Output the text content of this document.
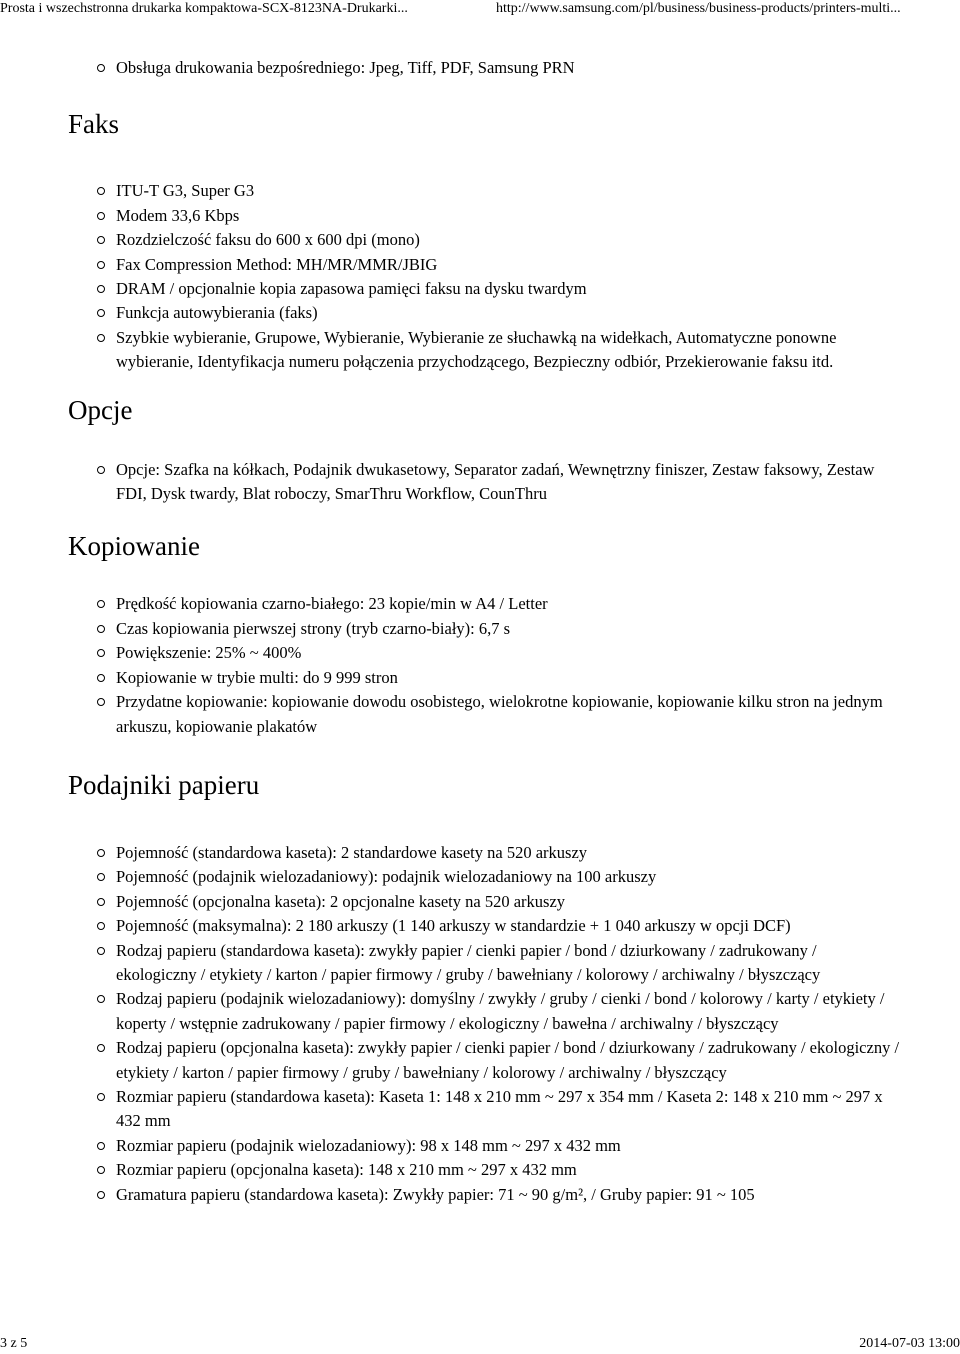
Prosta i wszechstronna drukarka kompaktowa-SCX-8123NA-Drukarki...	http://www.samsung.com/pl/business/business-products/printers-multi...
Obsługa drukowania bezpośredniego: Jpeg, Tiff, PDF, Samsung PRN
Faks
ITU-T G3, Super G3
Modem 33,6 Kbps
Rozdzielczość faksu do 600 x 600 dpi (mono)
Fax Compression Method: MH/MR/MMR/JBIG
DRAM / opcjonalnie kopia zapasowa pamięci faksu na dysku twardym
Funkcja autowybierania (faks)
Szybkie wybieranie, Grupowe, Wybieranie, Wybieranie ze słuchawką na widełkach, Automatyczne ponowne wybieranie, Identyfikacja numeru połączenia przychodzącego, Bezpieczny odbiór, Przekierowanie faksu itd.
Opcje
Opcje: Szafka na kółkach, Podajnik dwukasetowy, Separator zadań, Wewnętrzny finiszer, Zestaw faksowy, Zestaw FDI, Dysk twardy, Blat roboczy, SmarThru Workflow, CounThru
Kopiowanie
Prędkość kopiowania czarno-białego: 23 kopie/min w A4 / Letter
Czas kopiowania pierwszej strony (tryb czarno-biały): 6,7 s
Powiększenie: 25% ~ 400%
Kopiowanie w trybie multi: do 9 999 stron
Przydatne kopiowanie: kopiowanie dowodu osobistego, wielokrotne kopiowanie, kopiowanie kilku stron na jednym arkuszu, kopiowanie plakatów
Podajniki papieru
Pojemność (standardowa kaseta): 2 standardowe kasety na 520 arkuszy
Pojemność (podajnik wielozadaniowy): podajnik wielozadaniowy na 100 arkuszy
Pojemność (opcjonalna kaseta): 2 opcjonalne kasety na 520 arkuszy
Pojemność (maksymalna): 2 180 arkuszy (1 140 arkuszy w standardzie + 1 040 arkuszy w opcji DCF)
Rodzaj papieru (standardowa kaseta): zwykły papier / cienki papier / bond / dziurkowany / zadrukowany / ekologiczny / etykiety / karton / papier firmowy / gruby / bawełniany / kolorowy / archiwalny / błyszczący
Rodzaj papieru (podajnik wielozadaniowy): domyślny / zwykły / gruby / cienki / bond / kolorowy / karty / etykiety / koperty / wstępnie zadrukowany / papier firmowy / ekologiczny / bawełna / archiwalny / błyszczący
Rodzaj papieru (opcjonalna kaseta): zwykły papier / cienki papier / bond / dziurkowany / zadrukowany / ekologiczny / etykiety / karton / papier firmowy / gruby / bawełniany / kolorowy / archiwalny / błyszczący
Rozmiar papieru (standardowa kaseta): Kaseta 1: 148 x 210 mm ~ 297 x 354 mm / Kaseta 2: 148 x 210 mm ~ 297 x 432 mm
Rozmiar papieru (podajnik wielozadaniowy): 98 x 148 mm ~ 297 x 432 mm
Rozmiar papieru (opcjonalna kaseta): 148 x 210 mm ~ 297 x 432 mm
Gramatura papieru (standardowa kaseta): Zwykły papier: 71 ~ 90 g/m², / Gruby papier: 91 ~ 105
3 z 5	2014-07-03 13:00
